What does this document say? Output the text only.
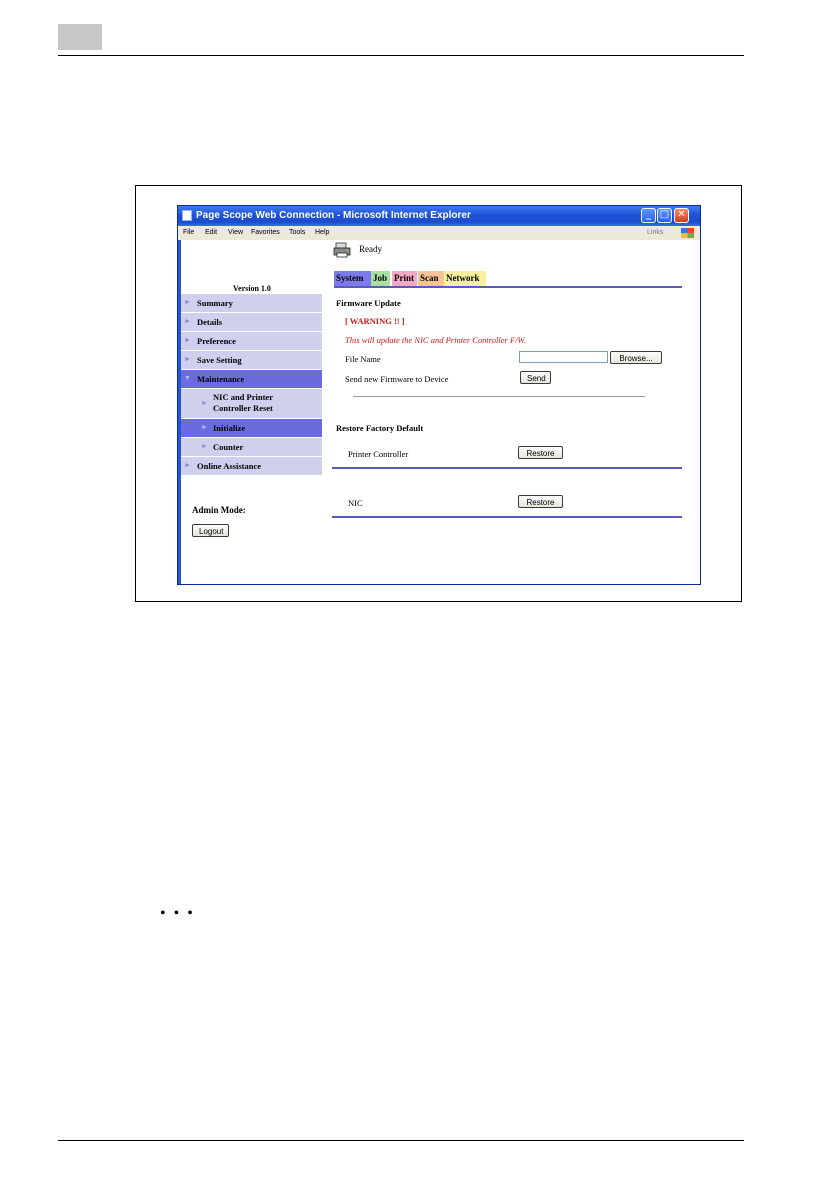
• • •
Page Scope Web Connection - Microsoft Internet Explorer	_ □ ✕
File Edit View Favorites Tools Help	Links
Ready
System	Job Print Scan Network
Version 1.0
► Summary
► Details
► Preference
► Save Setting
▼ Maintenance
►
NIC and Printer
Controller Reset
► Initialize
► Counter
► Online Assistance
Admin Mode:
Logout
Firmware Update
[ WARNING !! ]
This will update the NIC and Printer Controller F/W.
File Name	Browse...
Send new Firmware to Device	Send
Restore Factory Default
Printer Controller	Restore
NIC	Restore
